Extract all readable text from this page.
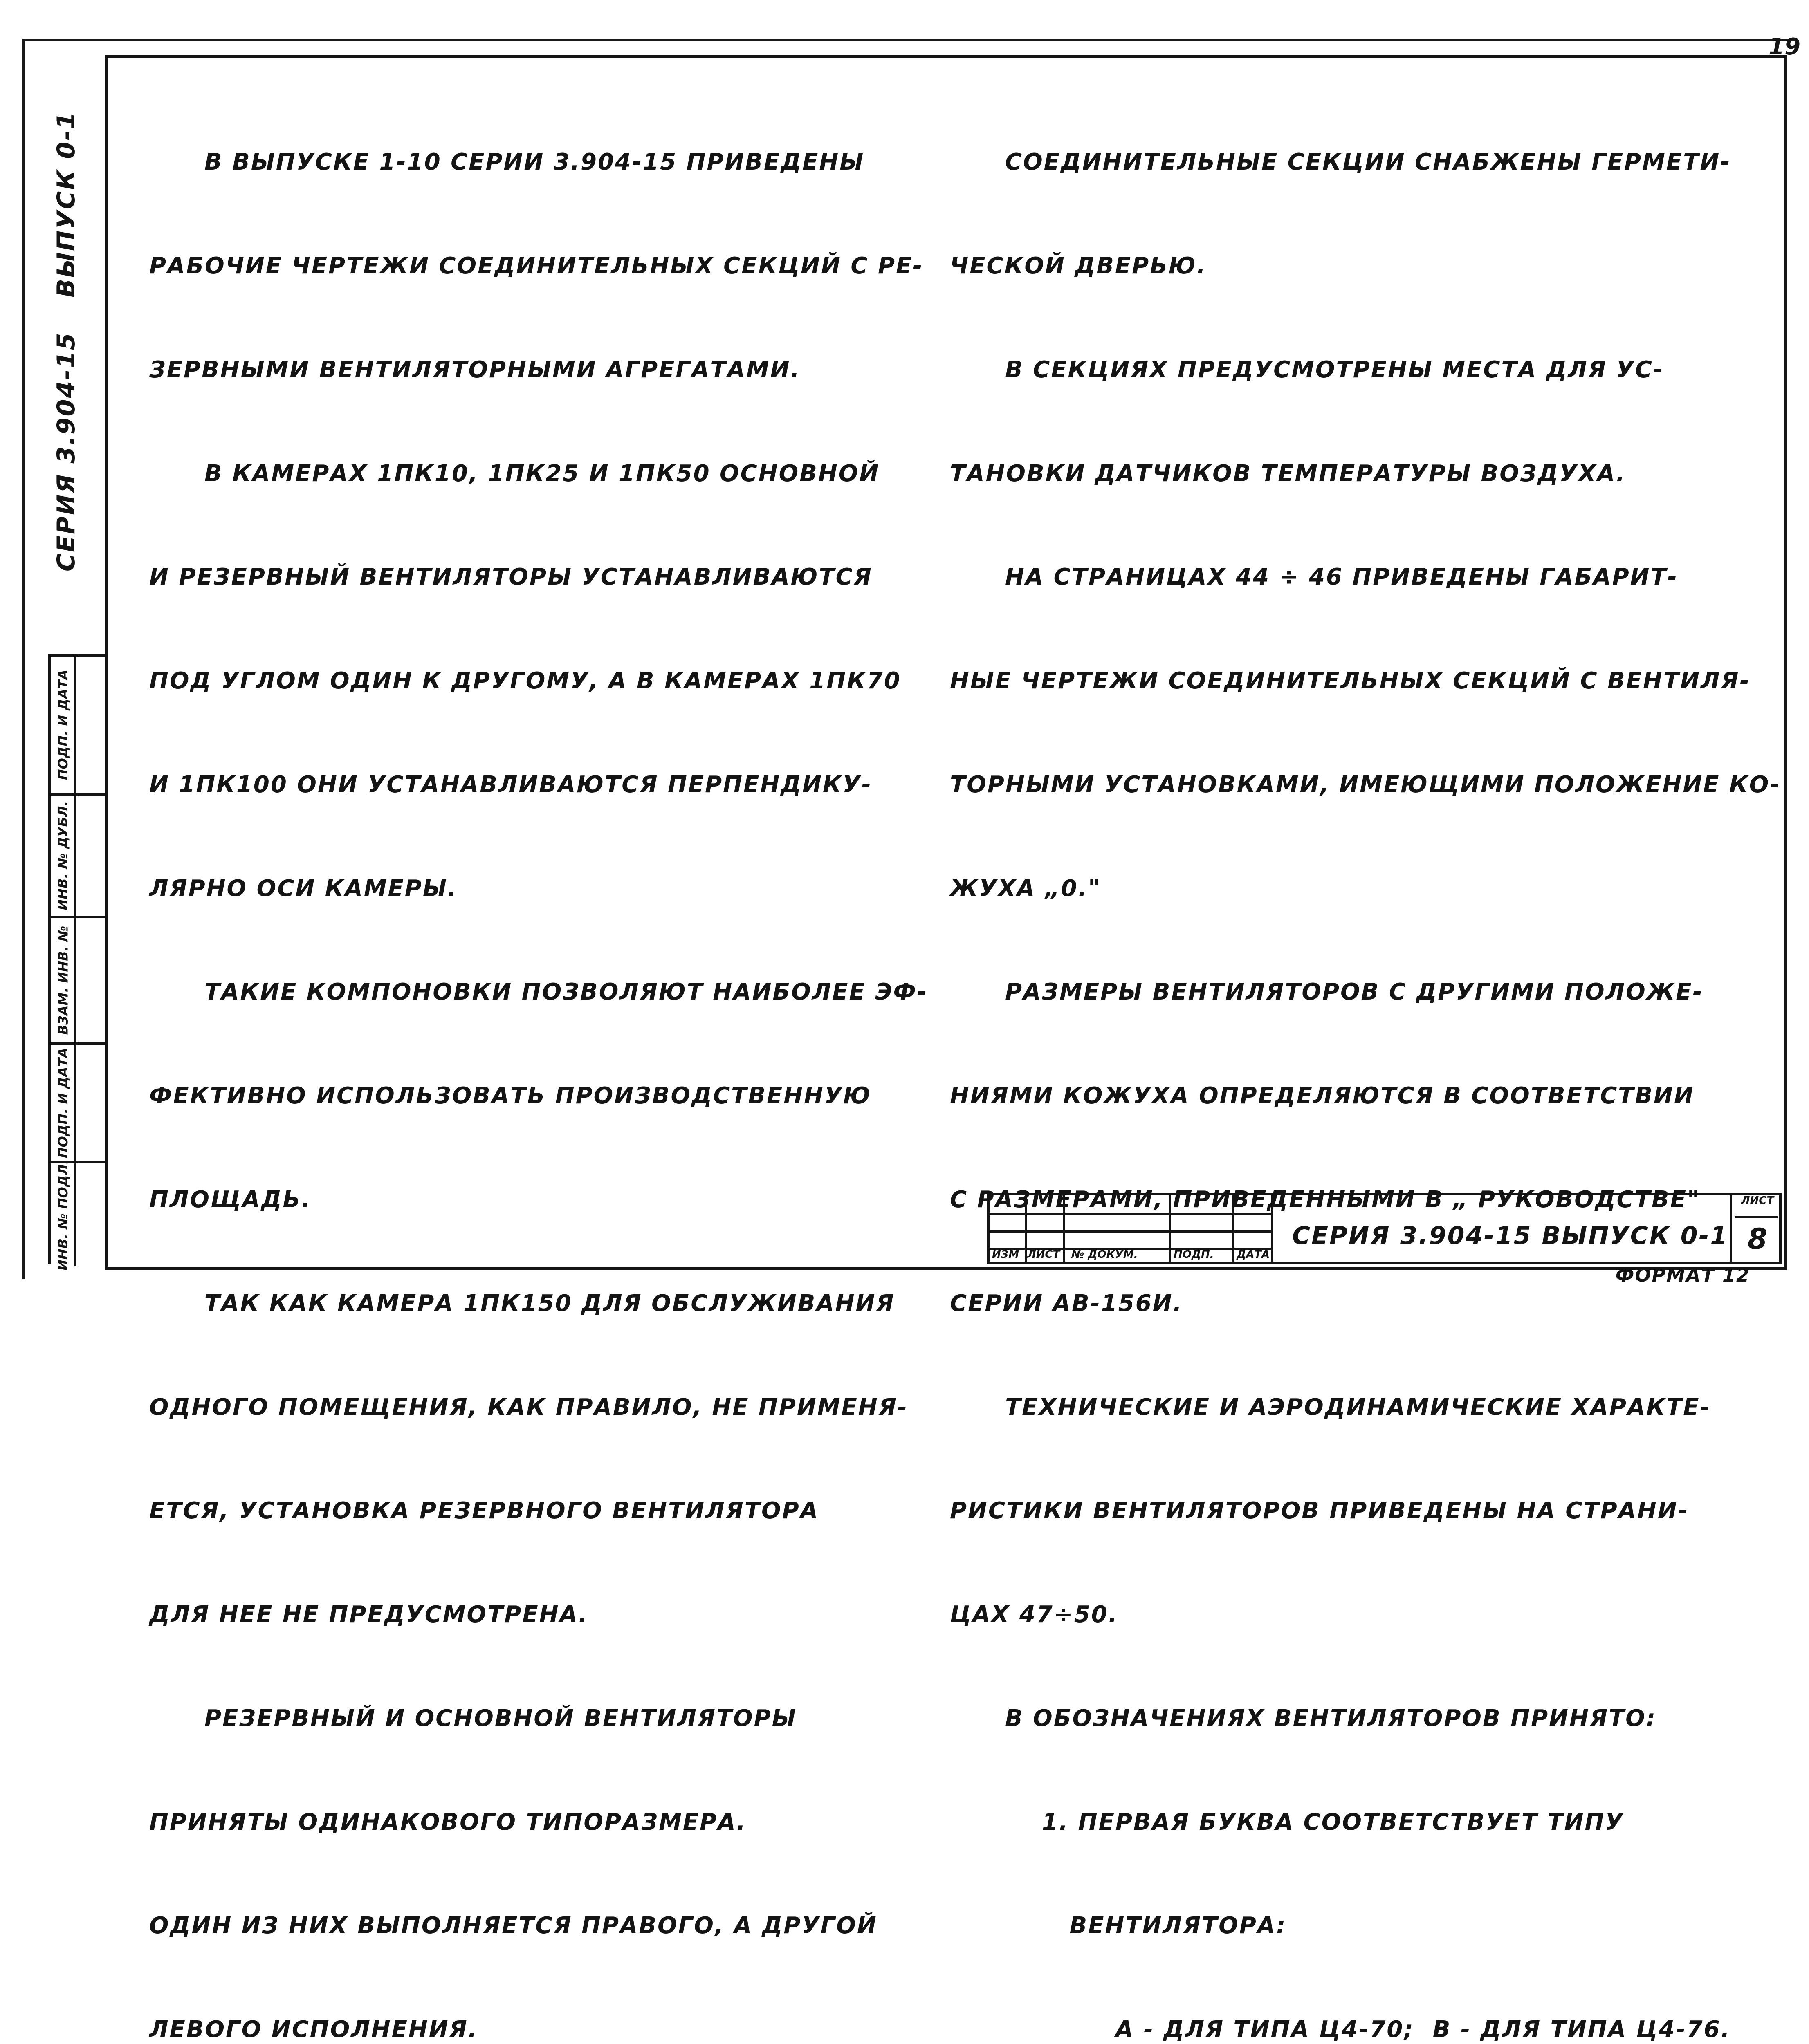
19
СЕРИЯ 3.904-15
ВЫПУСК 0-1
ПОДП. И ДАТА
ИНВ. № ДУБЛ.
ВЗАМ. ИНВ. №
ПОДП. И ДАТА
ИНВ. № ПОДЛ.

В ВЫПУСКЕ 1-10 СЕРИИ 3.904-15 ПРИВЕДЕНЫ

РАБОЧИЕ ЧЕРТЕЖИ СОЕДИНИТЕЛЬНЫХ СЕКЦИЙ С РЕ-

ЗЕРВНЫМИ ВЕНТИЛЯТОРНЫМИ АГРЕГАТАМИ.

В КАМЕРАХ 1ПК10, 1ПК25 И 1ПК50 ОСНОВНОЙ

И РЕЗЕРВНЫЙ ВЕНТИЛЯТОРЫ УСТАНАВЛИВАЮТСЯ

ПОД УГЛОМ ОДИН К ДРУГОМУ, А В КАМЕРАХ 1ПК70

И 1ПК100 ОНИ УСТАНАВЛИВАЮТСЯ ПЕРПЕНДИКУ-

ЛЯРНО ОСИ КАМЕРЫ.

ТАКИЕ КОМПОНОВКИ ПОЗВОЛЯЮТ НАИБОЛЕЕ ЭФ-

ФЕКТИВНО ИСПОЛЬЗОВАТЬ ПРОИЗВОДСТВЕННУЮ

ПЛОЩАДЬ.

ТАК КАК КАМЕРА 1ПК150 ДЛЯ ОБСЛУЖИВАНИЯ

ОДНОГО ПОМЕЩЕНИЯ, КАК ПРАВИЛО, НЕ ПРИМЕНЯ-

ЕТСЯ, УСТАНОВКА РЕЗЕРВНОГО ВЕНТИЛЯТОРА

ДЛЯ НЕЕ НЕ ПРЕДУСМОТРЕНА.

РЕЗЕРВНЫЙ И ОСНОВНОЙ ВЕНТИЛЯТОРЫ

ПРИНЯТЫ ОДИНАКОВОГО ТИПОРАЗМЕРА.

ОДИН ИЗ НИХ ВЫПОЛНЯЕТСЯ ПРАВОГО, А ДРУГОЙ

ЛЕВОГО ИСПОЛНЕНИЯ.

СОЕДИНИТЕЛЬНЫЕ СЕКЦИИ СНАБЖЕНЫ ГЕРМЕТИ-

ЧЕСКОЙ ДВЕРЬЮ.

В СЕКЦИЯХ ПРЕДУСМОТРЕНЫ МЕСТА ДЛЯ УС-

ТАНОВКИ ДАТЧИКОВ ТЕМПЕРАТУРЫ ВОЗДУХА.

НА СТРАНИЦАХ 44 ÷ 46 ПРИВЕДЕНЫ ГАБАРИТ-

НЫЕ ЧЕРТЕЖИ СОЕДИНИТЕЛЬНЫХ СЕКЦИЙ С ВЕНТИЛЯ-

ТОРНЫМИ УСТАНОВКАМИ, ИМЕЮЩИМИ ПОЛОЖЕНИЕ КО-

ЖУХА „0."

РАЗМЕРЫ ВЕНТИЛЯТОРОВ С ДРУГИМИ ПОЛОЖЕ-

НИЯМИ КОЖУХА ОПРЕДЕЛЯЮТСЯ В СООТВЕТСТВИИ

С РАЗМЕРАМИ, ПРИВЕДЕННЫМИ В „ РУКОВОДСТВЕ"

СЕРИИ АВ-156И.

ТЕХНИЧЕСКИЕ И АЭРОДИНАМИЧЕСКИЕ ХАРАКТЕ-

РИСТИКИ ВЕНТИЛЯТОРОВ ПРИВЕДЕНЫ НА СТРАНИ-

ЦАХ 47÷50.

В ОБОЗНАЧЕНИЯХ ВЕНТИЛЯТОРОВ ПРИНЯТО:

1. ПЕРВАЯ БУКВА СООТВЕТСТВУЕТ ТИПУ

ВЕНТИЛЯТОРА:

А - ДЛЯ ТИПА Ц4-70;  В - ДЛЯ ТИПА Ц4-76.

ИЗМ ЛИСТ № ДОКУМ.	ПОДП. ДАТА
СЕРИЯ 3.904-15 ВЫПУСК 0-1
ЛИСТ
8
ФОРМАТ 12
